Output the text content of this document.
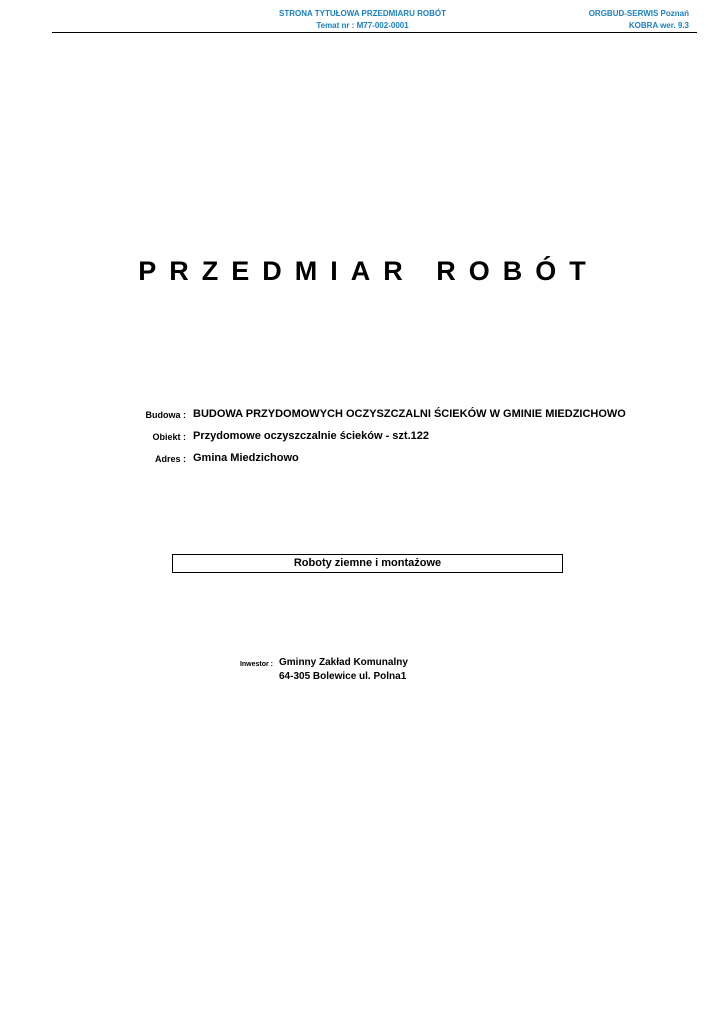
STRONA TYTUŁOWA PRZEDMIARU ROBÓT
Temat nr : M77-002-0001
ORGBUD-SERWIS Poznań
KOBRA wer. 9.3
PRZEDMIAR ROBÓT
Budowa : BUDOWA PRZYDOMOWYCH OCZYSZCZALNI ŚCIEKÓW W GMINIE MIEDZICHOWO
Obiekt : Przydomowe oczyszczalnie ścieków - szt.122
Adres : Gmina Miedzichowo
Roboty ziemne i montażowe
Inwestor : Gminny Zakład Komunalny
64-305 Bolewice ul. Polna1
